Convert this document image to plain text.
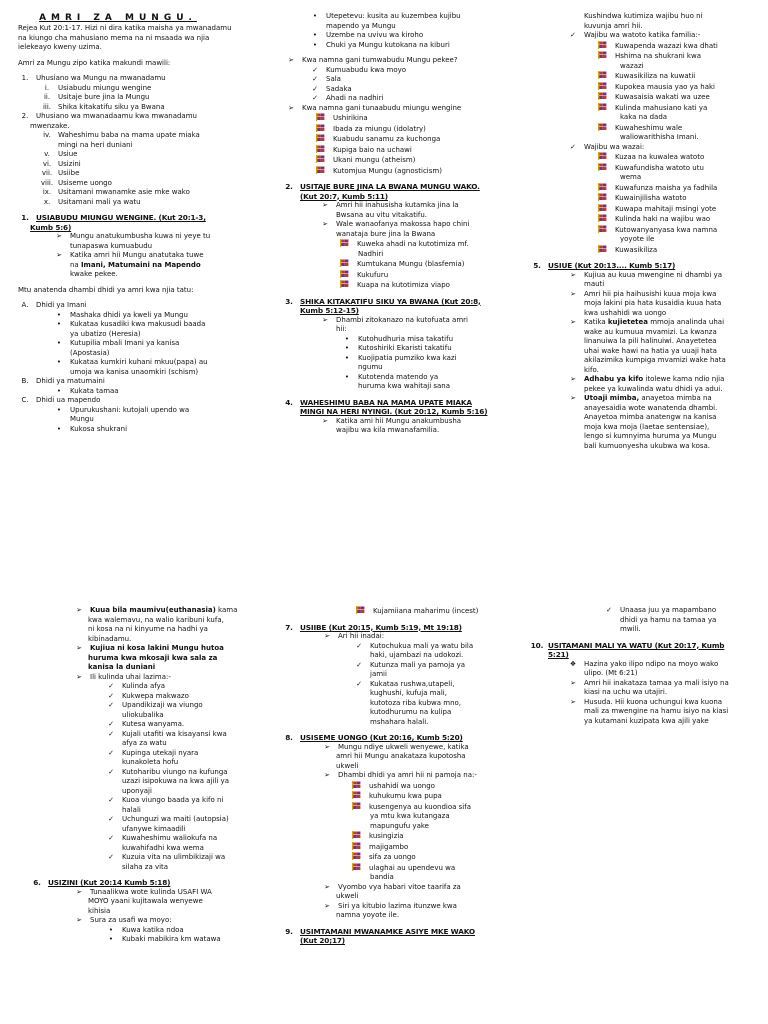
AMRI ZA MUNGU.
Rejea Kut 20:1-17. Hizi ni dira katika maisha ya mwanadamu
na kiungo cha mahusiano mema na ni msaada wa njia
ielekeayo kweny uzima.
Amri za Mungu zipo katika makundi mawili:
1. Uhusiano wa Mungu na mwanadamu
i. Usiabudu miungu wengine
ii. Usitaje bure jina la Mungu
iii. Shika kitakatifu siku ya Bwana
2. Uhusiano wa mwanadaamu kwa mwanadamu
mwenzake.
iv. Waheshimu baba na mama upate miaka
mingi na heri duniani
v. Usiue
vi. Usizini
vii. Usiibe
viii. Usiseme uongo
ix. Usitamani mwanamke asie mke wako
x. Usitamani mali ya watu
1. USIABUDU MIUNGU WENGINE. (Kut 20:1-3,
Kumb 5:6)
➢ Mungu anatukumbusha kuwa ni yeye tu
tunapaswa kumuabudu
➢ Katika amri hii Mungu anatutaka tuwe
na Imani, Matumaini na Mapendo
kwake pekee.
Mtu anatenda dhambi dhidi ya amri kwa njia tatu:
A. Dhidi ya Imani
• Mashaka dhidi ya kweli ya Mungu
• Kukataa kusadiki kwa makusudi baada
ya ubatizo (Heresia)
• Kutupilia mbali Imani ya kanisa
(Apostasia)
• Kukataa kumkiri kuhani mkuu(papa) au
umoja wa kanisa unaomkiri (schism)
B. Dhidi ya matumaini
• Kukata tamaa
C. Dhidi ua mapendo
• Upurukushani: kutojali upendo wa
Mungu
• Kukosa shukrani
• Utepetevu: kusita au kuzembea kujibu
mapendo ya Mungu
• Uzembe na uvivu wa kiroho
• Chuki ya Mungu kutokana na kiburi
➢ Kwa namna gani tumwabudu Mungu pekee?
✓ Kumuabudu kwa moyo
✓ Sala
✓ Sadaka
✓ Ahadi na nadhiri
➢ Kwa namna gani tunaabudu miungu wengine
Ushirikina
Ibada za miungu (idolatry)
Kuabudu sanamu za kuchonga
Kupiga baio na uchawi
Ukani mungu (atheism)
Kutomjua Mungu (agnosticism)
2. USITAJE BURE JINA LA BWANA MUNGU WAKO.
(Kut 20:7, Kumb 5:11)
➢ Amri hii inahusisha kutamka jina la
Bwsana au vitu vitakatifu.
➢ Wale wanaofanya makossa hapo chini
wanataja bure jina la Bwana
Kuweka ahadi na kutotimiza mf.
Nadhiri
Kumtukana Mungu (blasfemia)
Kukufuru
Kuapa na kutotimiza viapo
3. SHIKA KITAKATIFU SIKU YA BWANA (Kut 20:8,
Kumb 5:12-15)
➢ Dhambi zitokanazo na kutofuata amri
hii:
• Kutohudhuria misa takatifu
• Kutoshiriki Ekaristi takatifu
• Kuojipatia pumziko kwa kazi
ngumu
• Kutotenda matendo ya
huruma kwa wahitaji sana
4. WAHESHIMU BABA NA MAMA UPATE MIAKA
MINGI NA HERI NYINGI. (Kut 20:12, Kumb 5:16)
➢ Katika ami hii Mungu anakumbusha
wajibu wa kila mwanafamilia.
Kushindwa kutimiza wajibu huo ni
kuvunja amri hii.
✓ Wajibu wa watoto katika familia:-
Kuwapenda wazazi kwa dhati
Hshima na shukrani kwa
wazazi
Kuwasikiliza na kuwatii
Kupokea mausia yao ya haki
Kuwasaisia wakati wa uzee
Kulinda mahusiano kati ya
kaka na dada
Kuwaheshimu wale
waliowarithisha Imani.
✓ Wajibu wa wazai:
Kuzaa na kuwalea watoto
Kuwafundisha watoto utu
wema
Kuwafunza maisha ya fadhila
Kuwainjilisha watoto
Kuwapa mahitaji msingi yote
Kulinda haki na wajibu wao
Kutowanyanyasa kwa namna
yoyote ile
Kuwasikiliza
5. USIUE (Kut 20:13.... Kumb 5:17)
➢ Kujiua au kuua mwengine ni dhambi ya
mauti
➢ Amri hii pia haihusishi kuua moja kwa
moja lakini pia hata kusaidia kuua hata
kwa ushahidi wa uongo
➢ Katika kujietetea mmoja analinda uhai
wake au kumuua mvamizi. La kwanza
linanuiwa la pili halinuiwi. Anayetetea
uhai wake hawi na hatia ya uuaji hata
akilazimika kumpiga mvamizi wake hata
kifo.
➢ Adhabu ya kifo itolewe kama ndio njia
pekee ya kuwalinda watu dhidi ya adui.
➢ Utoaji mimba, anayetoa mimba na
anayesaidia wote wanatenda dhambi.
Anayetoa mimba anatengw na kanisa
moja kwa moja (laetae sentensiae),
lengo si kumnyima huruma ya Mungu
bali kumuonyesha ukubwa wa kosa.
➢ Kuua bila maumivu(euthanasia) kama
kwa walemavu, na walio karibuni kufa,
ni kosa na ni kinyume na hadhi ya
kibinadamu.
➢ Kujiua ni kosa lakini Mungu hutoa
huruma kwa mkosaji kwa sala za
kanisa la duniani
➢ Ili kulinda uhai lazima:-
✓ Kulinda afya
✓ Kukwepa makwazo
✓ Upandikizaji wa viungo
uliokubalika
✓ Kutesa wanyama.
✓ Kujali utafiti wa kisayansi kwa
afya za watu
✓ Kupinga utekaji nyara
kunakoleta hofu
✓ Kutoharibu viungo na kufunga
uzazi isipokuwa na kwa ajili ya
uponyaji
✓ Kuoa viungo baada ya kifo ni
halali
✓ Uchunguzi wa maiti (autopsia)
ufanywe kimaadili
✓ Kuwaheshimu waliokufa na
kuwahifadhi kwa wema
✓ Kuzuia vita na ulimbikizaji wa
silaha za vita
6. USIZINI (Kut 20:14 Kumb 5:18)
➢ Tunaalikwa wote kulinda USAFI WA
MOYO yaani kujitawala wenyewe
kihisia
➢ Sura za usafi wa moyo:
• Kuwa katika ndoa
• Kubaki mabikira km watawa
Kujamiiana maharimu (incest)
7. USIIBE (Kut 20:15, Kumb 5:19, Mt 19:18)
➢ Ari hii inadai:
✓ Kutochukua mali ya watu bila
haki, ujambazi na udokozi.
✓ Kutunza mali ya pamoja ya
jamii
✓ Kukataa rushwa,utapeli,
kughushi, kufuja mali,
kutotoza riba kubwa mno,
kutodhurumu na kulipa
mshahara halali.
8. USISEME UONGO (Kut 20:16, Kumb 5:20)
➢ Mungu ndiye ukweli wenyewe, katika
amri hii Mungu anakataza kupotosha
ukweli
➢ Dhambi dhidi ya amri hii ni pamoja na:-
ushahidi wa uongo
kuhukumu kwa pupa
kusengenya au kuondioa sifa
ya mtu kwa kutangaza
mapungufu yake
kusingizia
majigambo
sifa za uongo
ulaghai au upendevu wa
bandia
➢ Vyombo vya habari vitoe taarifa za
ukweli
➢ Siri ya kitubio lazima itunzwe kwa
namna yoyote ile.
9. USIMTAMANI MWANAMKE ASIYE MKE WAKO
(Kut 20;17)
✓ Unaasa juu ya mapambano
dhidi ya hamu na tamaa ya
mwili.
10. USITAMANI MALI YA WATU (Kut 20:17, Kumb
5:21)
❖ Hazina yako ilipo ndipo na moyo wako
ulipo. (Mt 6:21)
➢ Amri hii inakataza tamaa ya mali isiyo na
kiasi na uchu wa utajiri.
➢ Husuda. Hii kuona uchungui kwa kuona
mali za mwengine na hamu isiyo na kiasi
ya kutamani kuzipata kwa ajili yake
